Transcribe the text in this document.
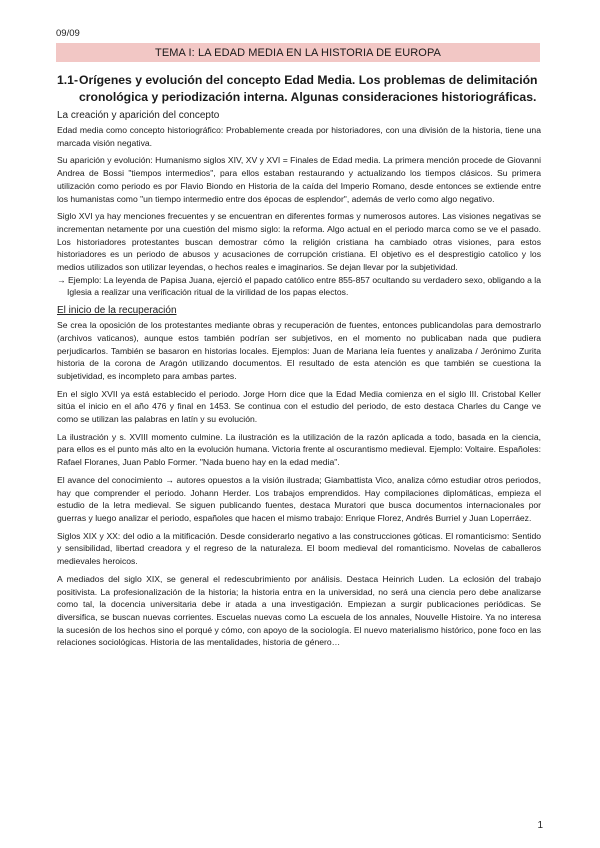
09/09
TEMA I: LA EDAD MEDIA EN LA HISTORIA DE EUROPA
1.1-Orígenes y evolución del concepto Edad Media. Los problemas de delimitación cronológica y periodización interna. Algunas consideraciones historiográficas.
La creación y aparición del concepto

Edad media como concepto historiográfico: Probablemente creada por historiadores, con una división de la historia, tiene una marcada visión negativa.

Su aparición y evolución: Humanismo siglos XIV, XV y XVI = Finales de Edad media. La primera mención procede de Giovanni Andrea de Bossi "tiempos intermedios", para ellos estaban restaurando y actualizando los tiempos clásicos. Su primera utilización como periodo es por Flavio Biondo en Historia de la caída del Imperio Romano, desde entonces se extiende entre los humanistas como "un tiempo intermedio entre dos épocas de esplendor", además de verlo como algo negativo.

Siglo XVI ya hay menciones frecuentes y se encuentran en diferentes formas y numerosos autores. Las visiones negativas se incrementan netamente por una cuestión del mismo siglo: la reforma. Algo actual en el periodo marca como se ve el pasado. Los historiadores protestantes buscan demostrar cómo la religión cristiana ha cambiado otras visiones, para estos historiadores es un periodo de abusos y acusaciones de corrupción cristiana. El objetivo es el desprestigio catolico y los medios utilizados son utilizar leyendas, o hechos reales e imaginarios. Se dejan llevar por la subjetividad.

→ Ejemplo: La leyenda de Papisa Juana, ejerció el papado católico entre 855-857 ocultando su verdadero sexo, obligando a la Iglesia a realizar una verificación ritual de la virilidad de los papas electos.
El inicio de la recuperación

Se crea la oposición de los protestantes mediante obras y recuperación de fuentes, entonces publicandolas para demostrarlo (archivos vaticanos), aunque estos también podrían ser subjetivos, en el momento no publicaban nada que pudiera perjudicarlos. También se basaron en historias locales. Ejemplos: Juan de Mariana leía fuentes y analizaba / Jerónimo Zurita historia de la corona de Aragón utilizando documentos. El resultado de esta atención es que también se cuestiona la subjetividad, es incompleto para ambas partes.

En el siglo XVII ya está establecido el periodo. Jorge Horn dice que la Edad Media comienza en el siglo III. Cristobal Keller sitúa el inicio en el año 476 y final en 1453. Se continua con el estudio del periodo, de esto destaca Charles du Cange ve como se utilizan las palabras en latín y su evolución.

La ilustración y s. XVIII momento culmine. La ilustración es la utilización de la razón aplicada a todo, basada en la ciencia, para ellos es el punto más alto en la evolución humana. Victoria frente al oscurantismo medieval. Ejemplo: Voltaire. Españoles: Rafael Floranes, Juan Pablo Former. "Nada bueno hay en la edad media".

El avance del conocimiento → autores opuestos a la visión ilustrada; Giambattista Vico, analiza cómo estudiar otros periodos, hay que comprender el periodo. Johann Herder. Los trabajos emprendidos. Hay compilaciones diplomáticas, empieza el estudio de la letra medieval. Se siguen publicando fuentes, destaca Muratori que busca documentos internacionales por guerras y luego analizar el periodo, españoles que hacen el mismo trabajo: Enrique Florez, Andrés Burriel y Juan Loperráez.

Siglos XIX y XX: del odio a la mitificación. Desde considerarlo negativo a las construcciones góticas. El romanticismo: Sentido y sensibilidad, libertad creadora y el regreso de la naturaleza. El boom medieval del romanticismo. Novelas de caballeros medievales heroicos.

A mediados del siglo XIX, se general el redescubrimiento por análisis. Destaca Heinrich Luden. La eclosión del trabajo positivista. La profesionalización de la historia; la historia entra en la universidad, no será una ciencia pero debe analizarse como tal, la docencia universitaria debe ir atada a una investigación. Empiezan a surgir publicaciones periódicas. Se diversifica, se buscan nuevas corrientes. Escuelas nuevas como La escuela de los annales, Nouvelle Histoire. Ya no interesa la sucesión de los hechos sino el porqué y cómo, con apoyo de la sociología. El nuevo materialismo histórico, pone foco en las relaciones sociológicas. Historia de las mentalidades, historia de género…

1
